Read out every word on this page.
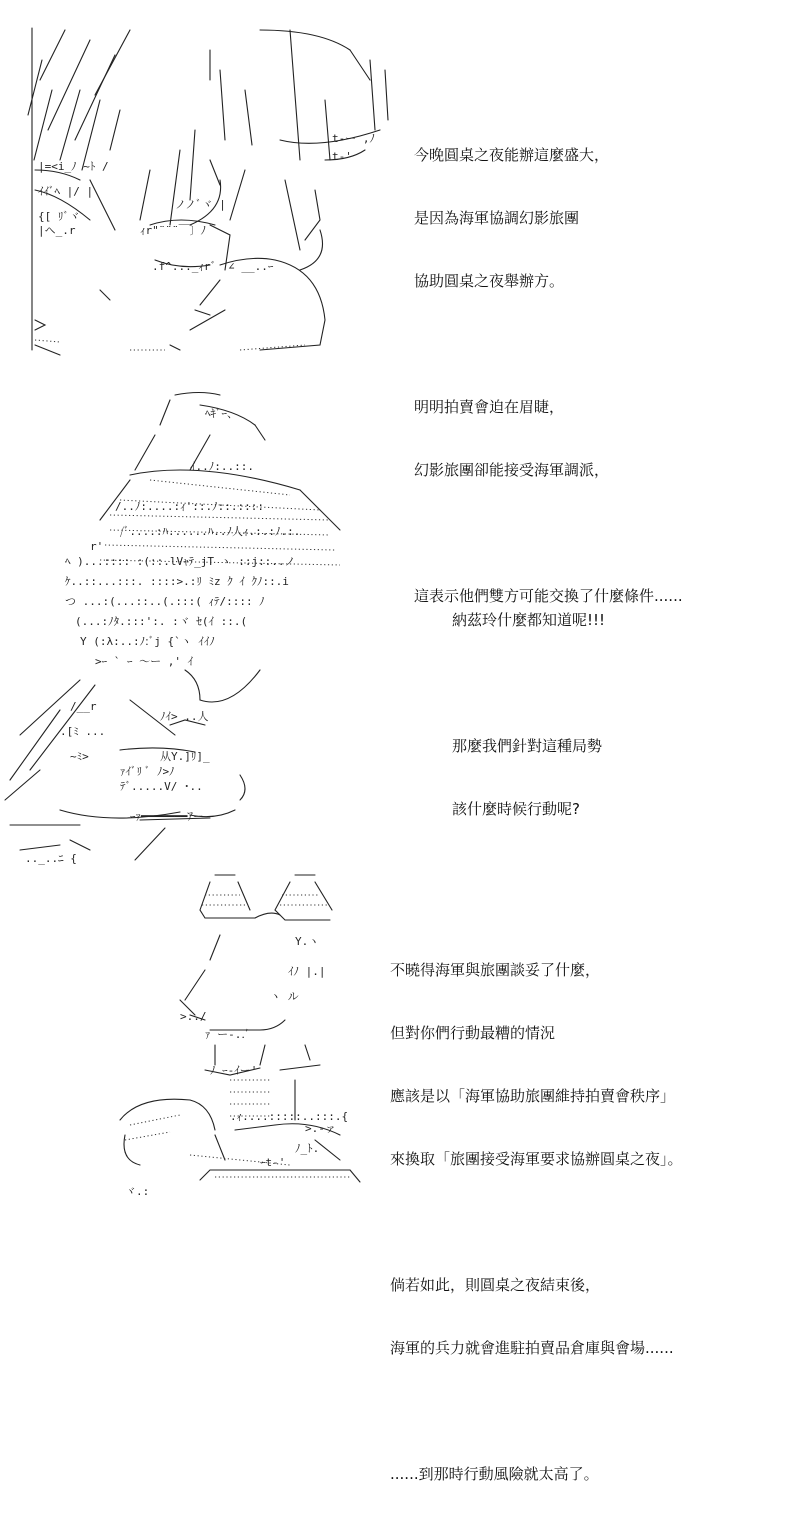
|=<i_ﾉ ~ﾄ /
ｲｲﾞﾍ |/ |
{[ ﾘﾞヾ
|ヘ_.r	ｨr"¨¨¨￣〕ﾉ
ノノﾞヾ |
.f^..._ｨr゛ ∠ __..ｰ
t-ー ,ﾉ
t-'

	今晚圓桌之夜能辦這麼盛大，

是因為海軍協調幻影旅團

協助圓桌之夜舉辦方。

明明拍賣會迫在眉睫，

幻影旅團卻能接受海軍調派，

這表示他們雙方可能交換了什麼條件......

ﾍｷﾞｰ、
ｲ..ﾉ:..::.
/..ﾉ:....:ｨ'::.ﾉ::.::::
/ﾞ....:ﾊ......ﾊ..ﾉ人ｨ.:.:ﾉ.:.
r'
ﾍ )...:::: :(::.lVｬﾃ_jT ヽ ::j::..ノ
ｹ..::...:::. ::::>.:ﾘ ﾐz ｸ ｲ ｸﾉ::.i
つ ...:(...::..(.:::( ｨﾃ/:::: ﾉ
(...:ﾉﾀ.:::':. :ヾ ｾ(ｲ ::.(
Y (:λ:..:ﾉ:ﾞj {`ヽ ｲｲﾉ
>ｰ ` ｰ ～ー ,' ｲ
/__r
.[ﾐ ...
~ﾐ>
ﾉｲ> ..人
从Y.]ﾘ]_
ｧｲﾞﾘ ﾞ ﾉ>ﾉ
ﾃﾞ.....V/ ･..
ｰｧ━━━━━━━ｱー
.._..ﾆ {

納茲玲什麼都知道呢!!!

那麼我們針對這種局勢

該什麼時候行動呢?

Y.ヽ
ｲﾉ |.|
ヽ ル
>../
ｧ ー-..ﾞ
ﾉ ｰ-ｲー'
.ｨ....:::::..:::.{
>.-ァ
ﾉ_ﾄ.
ｰt-'
ヾ.:

不曉得海軍與旅團談妥了什麼，

但對你們行動最糟的情況

應該是以「海軍協助旅團維持拍賣會秩序」

來換取「旅團接受海軍要求協辦圓桌之夜」。

倘若如此，則圓桌之夜結束後，

海軍的兵力就會進駐拍賣品倉庫與會場......

......到那時行動風險就太高了。
